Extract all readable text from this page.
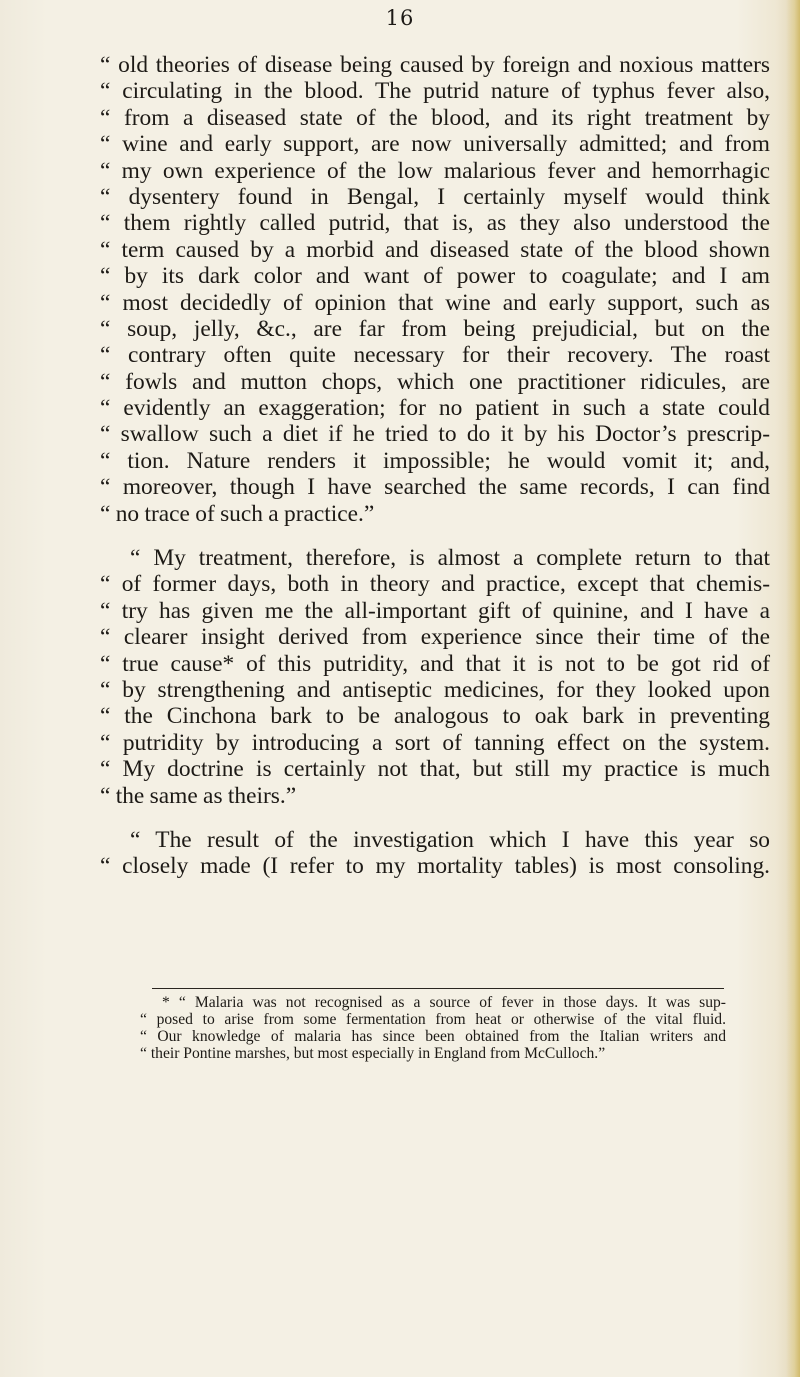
16
“ old theories of disease being caused by foreign and noxious matters
“ circulating in the blood. The putrid nature of typhus fever also,
“ from a diseased state of the blood, and its right treatment by
“ wine and early support, are now universally admitted; and from
“ my own experience of the low malarious fever and hemorrhagic
“ dysentery found in Bengal, I certainly myself would think
“ them rightly called putrid, that is, as they also understood the
“ term caused by a morbid and diseased state of the blood shown
“ by its dark color and want of power to coagulate; and I am
“ most decidedly of opinion that wine and early support, such as
“ soup, jelly, &c., are far from being prejudicial, but on the
“ contrary often quite necessary for their recovery. The roast
“ fowls and mutton chops, which one practitioner ridicules, are
“ evidently an exaggeration; for no patient in such a state could
“ swallow such a diet if he tried to do it by his Doctor’s prescrip-
“ tion. Nature renders it impossible; he would vomit it; and,
“ moreover, though I have searched the same records, I can find
“ no trace of such a practice.”
“ My treatment, therefore, is almost a complete return to that
“ of former days, both in theory and practice, except that chemis-
“ try has given me the all-important gift of quinine, and I have a
“ clearer insight derived from experience since their time of the
“ true cause* of this putridity, and that it is not to be got rid of
“ by strengthening and antiseptic medicines, for they looked upon
“ the Cinchona bark to be analogous to oak bark in preventing
“ putridity by introducing a sort of tanning effect on the system.
“ My doctrine is certainly not that, but still my practice is much
“ the same as theirs.”
“ The result of the investigation which I have this year so
“ closely made (I refer to my mortality tables) is most consoling.
* “ Malaria was not recognised as a source of fever in those days. It was sup-
“ posed to arise from some fermentation from heat or otherwise of the vital fluid.
“ Our knowledge of malaria has since been obtained from the Italian writers and
“ their Pontine marshes, but most especially in England from McCulloch.”
